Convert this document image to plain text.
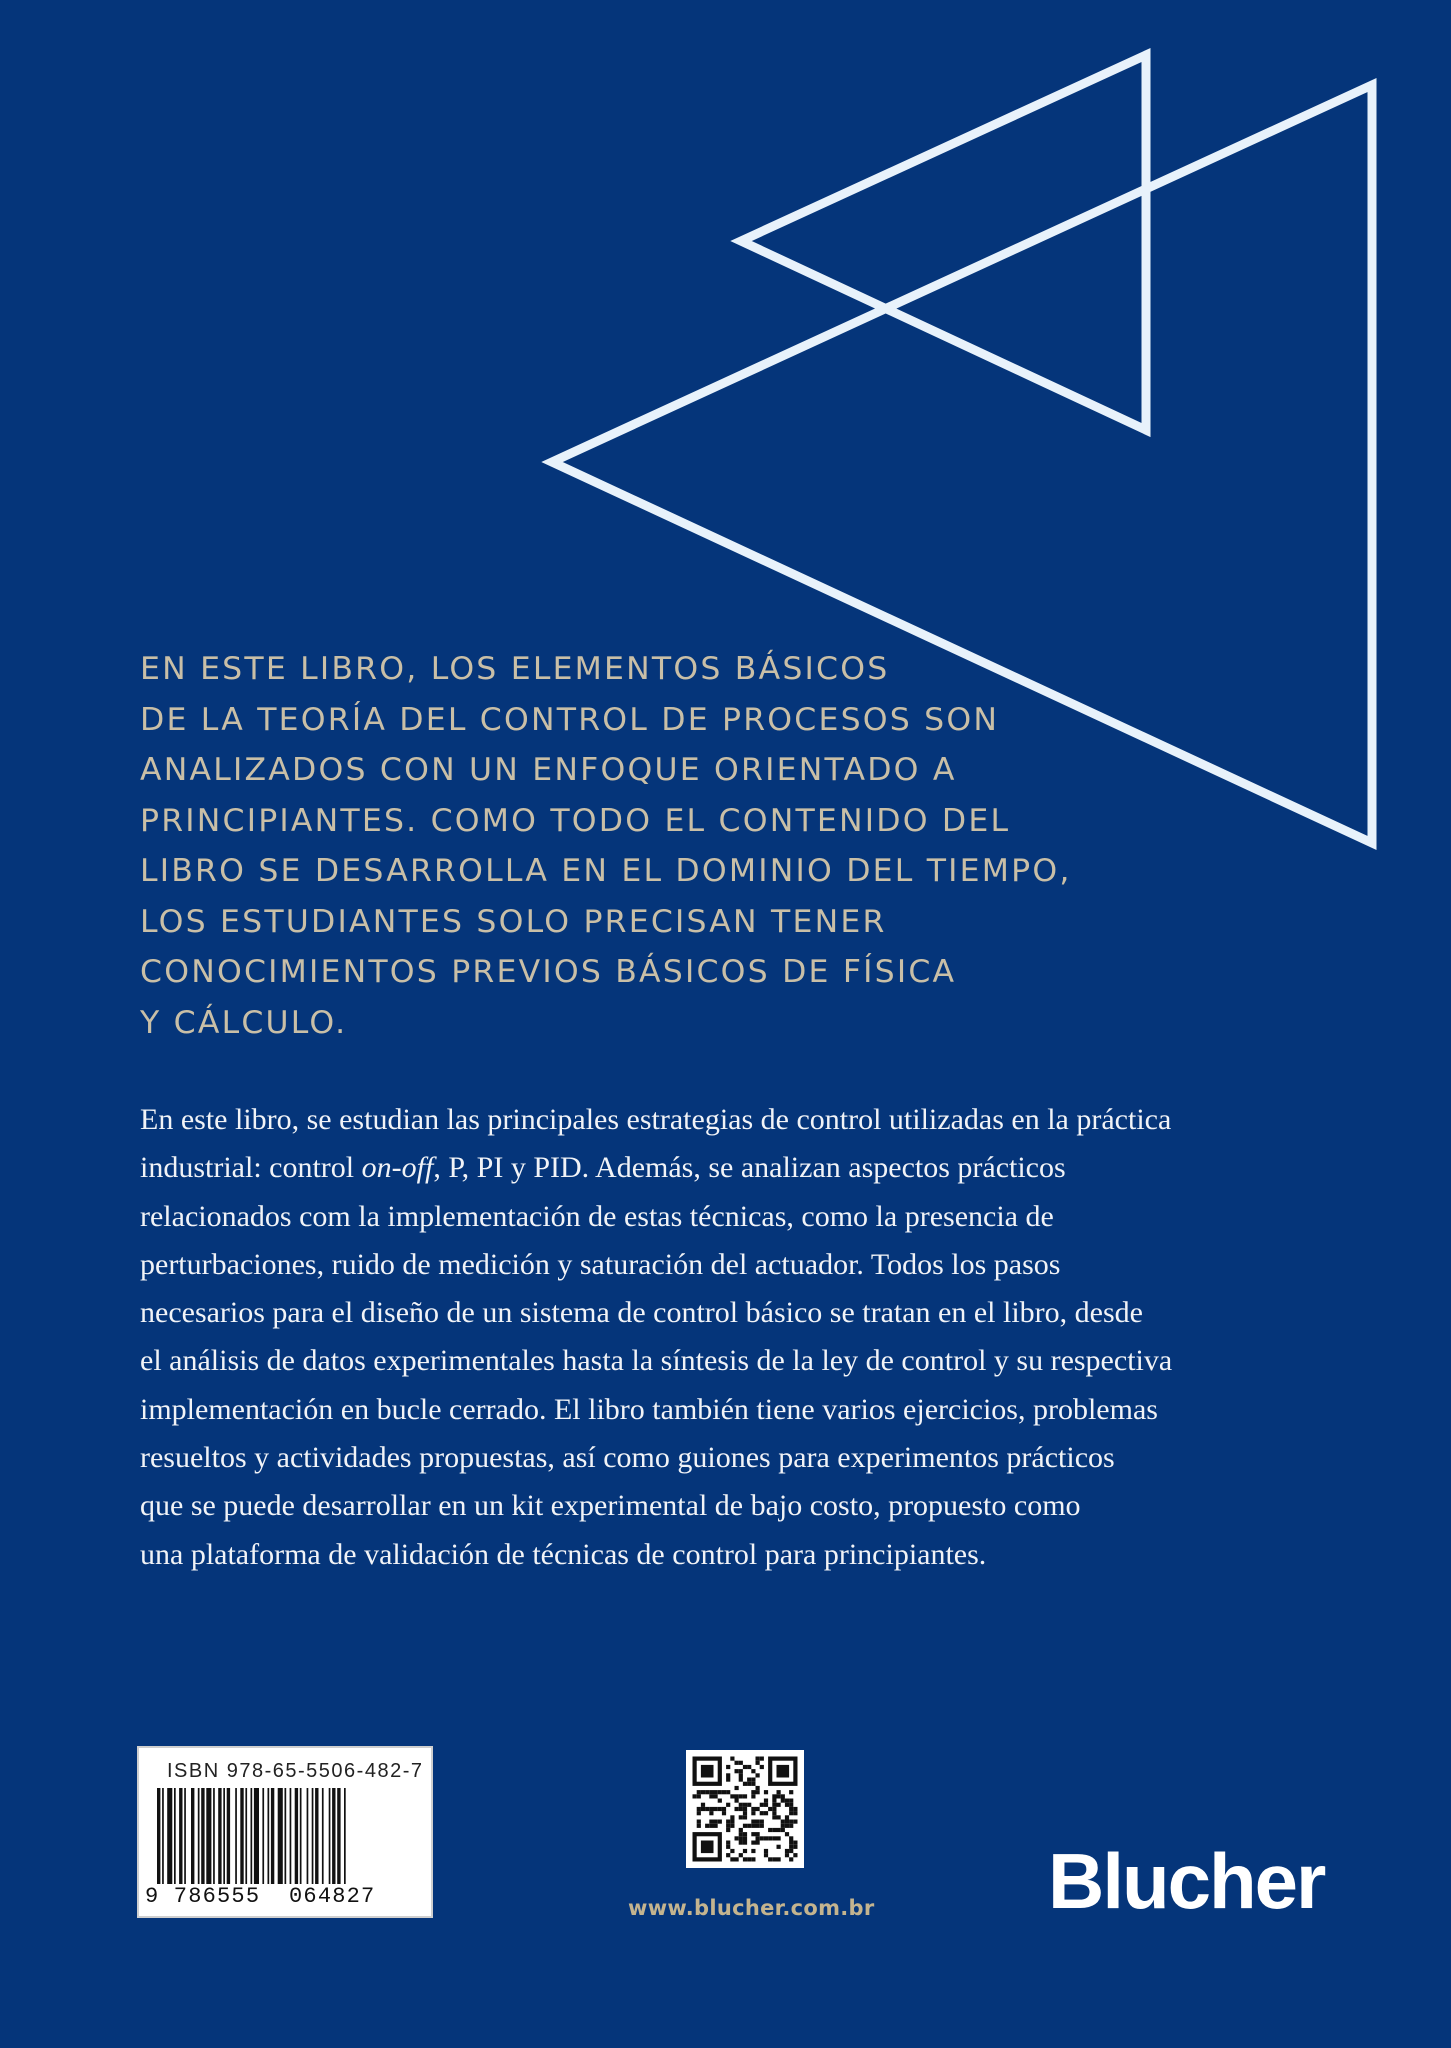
EN ESTE LIBRO, LOS ELEMENTOS BÁSICOS
DE LA TEORÍA DEL CONTROL DE PROCESOS SON
ANALIZADOS CON UN ENFOQUE ORIENTADO A
PRINCIPIANTES. COMO TODO EL CONTENIDO DEL
LIBRO SE DESARROLLA EN EL DOMINIO DEL TIEMPO,
LOS ESTUDIANTES SOLO PRECISAN TENER
CONOCIMIENTOS PREVIOS BÁSICOS DE FÍSICA
Y CÁLCULO.
En este libro, se estudian las principales estrategias de control utilizadas en la práctica
industrial: control on-off, P, PI y PID. Además, se analizan aspectos prácticos
relacionados com la implementación de estas técnicas, como la presencia de
perturbaciones, ruido de medición y saturación del actuador. Todos los pasos
necesarios para el diseño de un sistema de control básico se tratan en el libro, desde
el análisis de datos experimentales hasta la síntesis de la ley de control y su respectiva
implementación en bucle cerrado. El libro también tiene varios ejercicios, problemas
resueltos y actividades propuestas, así como guiones para experimentos prácticos
que se puede desarrollar en un kit experimental de bajo costo, propuesto como
una plataforma de validación de técnicas de control para principiantes.
ISBN 978-65-5506-482-7
9 786555  064827	www.blucher.com.br Blucher
